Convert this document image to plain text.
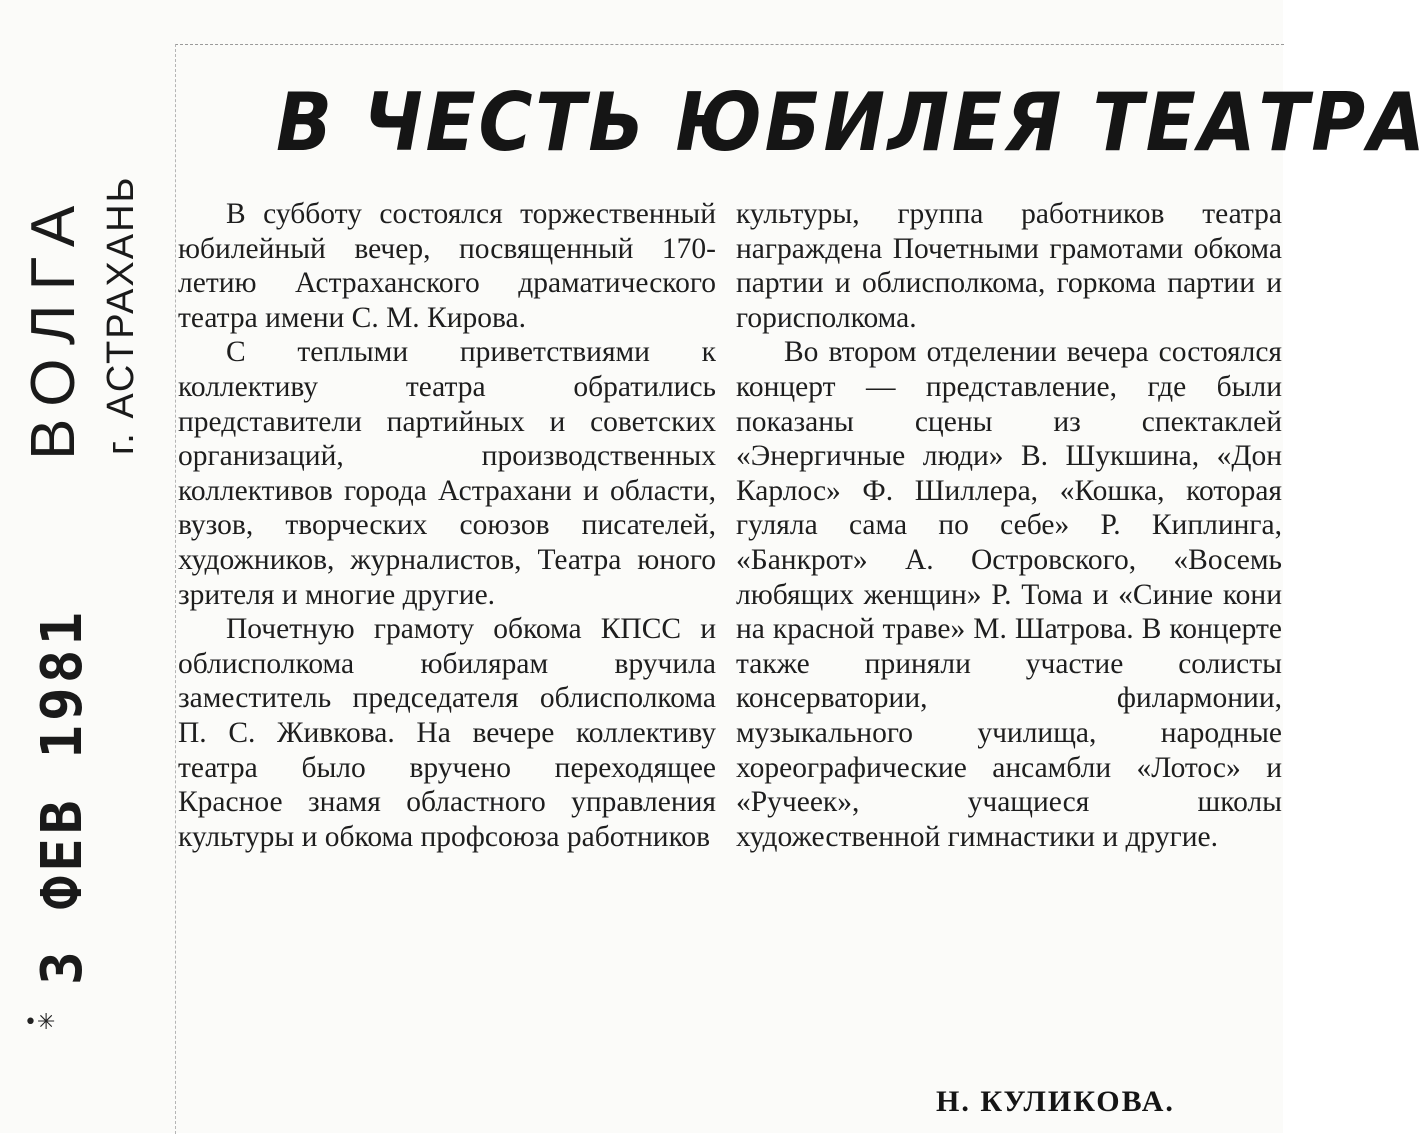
ВОЛГА г. АСТРАХАНЬ
3 ФЕВ 1981
•✳
В ЧЕСТЬ ЮБИЛЕЯ ТЕАТРА

В субботу состоялся торжественный юбилейный вечер, посвященный 170-летию Астраханского драматического театра имени С. М. Кирова.

С теплыми приветствиями к коллективу театра обратились представители партийных и советских организаций, производственных коллективов города Астрахани и области, вузов, творческих союзов писателей, художников, журналистов, Театра юного зрителя и многие другие.

Почетную грамоту обкома КПСС и облисполкома юбилярам вручила заместитель председателя облисполкома П. С. Живкова. На вечере коллективу театра было вручено переходящее Красное знамя областного управления культуры и обкома профсоюза работников

культуры, группа работников театра награждена Почетными грамотами обкома партии и облисполкома, горкома партии и горисполкома.

Во втором отделении вечера состоялся концерт — представление, где были показаны сцены из спектаклей «Энергичные люди» В. Шукшина, «Дон Карлос» Ф. Шиллера, «Кошка, которая гуляла сама по себе» Р. Киплинга, «Банкрот» А. Островского, «Восемь любящих женщин» Р. Тома и «Синие кони на красной траве» М. Шатрова. В концерте также приняли участие солисты консерватории, филармонии, музыкального училища, народные хореографические ансамбли «Лотос» и «Ручеек», учащиеся школы художественной гимнастики и другие.

Н. КУЛИКОВА.
